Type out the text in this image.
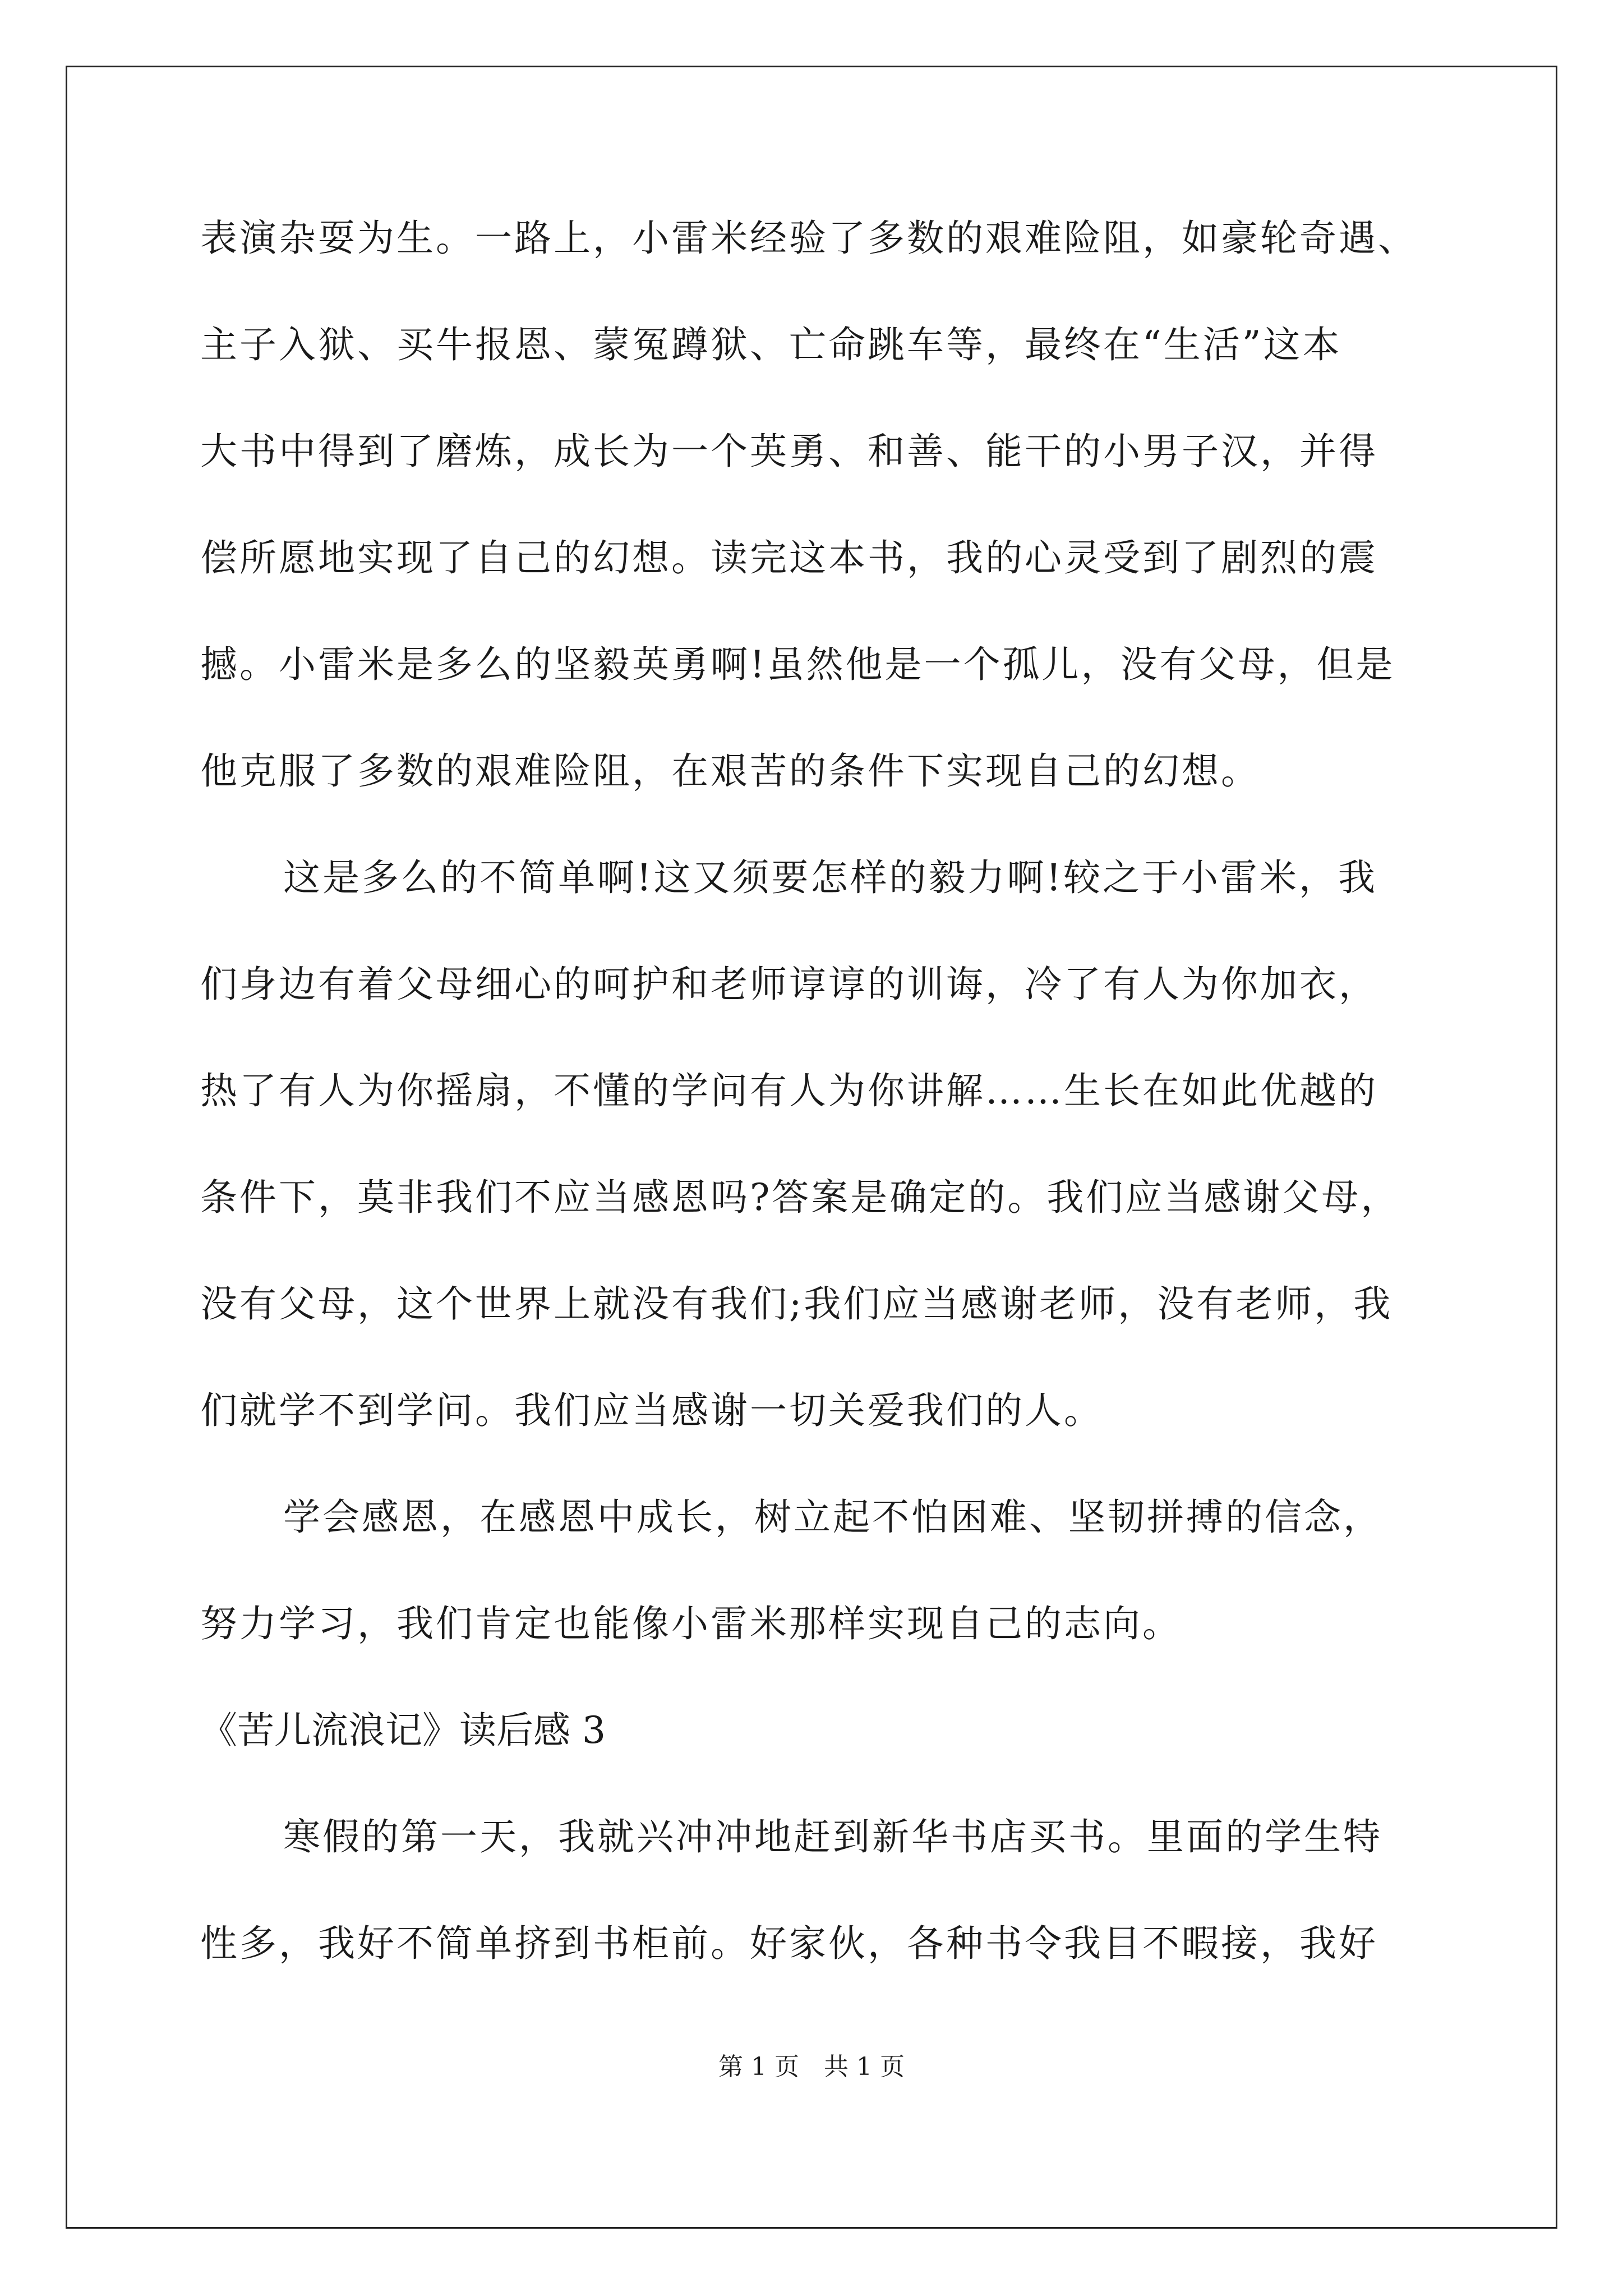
表演杂耍为生。一路上，小雷米经验了多数的艰难险阻，如豪轮奇遇、
主子入狱、买牛报恩、蒙冤蹲狱、亡命跳车等，最终在“生活”这本
大书中得到了磨炼，成长为一个英勇、和善、能干的小男子汉，并得
偿所愿地实现了自己的幻想。读完这本书，我的心灵受到了剧烈的震
撼。小雷米是多么的坚毅英勇啊!虽然他是一个孤儿，没有父母，但是
他克服了多数的艰难险阻，在艰苦的条件下实现自己的幻想。
这是多么的不简单啊!这又须要怎样的毅力啊!较之于小雷米，我
们身边有着父母细心的呵护和老师谆谆的训诲，冷了有人为你加衣，
热了有人为你摇扇，不懂的学问有人为你讲解……生长在如此优越的
条件下，莫非我们不应当感恩吗?答案是确定的。我们应当感谢父母，
没有父母，这个世界上就没有我们;我们应当感谢老师，没有老师，我
们就学不到学问。我们应当感谢一切关爱我们的人。
学会感恩，在感恩中成长，树立起不怕困难、坚韧拼搏的信念，
努力学习，我们肯定也能像小雷米那样实现自己的志向。
《苦儿流浪记》读后感 3
寒假的第一天，我就兴冲冲地赶到新华书店买书。里面的学生特
性多，我好不简单挤到书柜前。好家伙，各种书令我目不暇接，我好
第 1 页　共 1 页
